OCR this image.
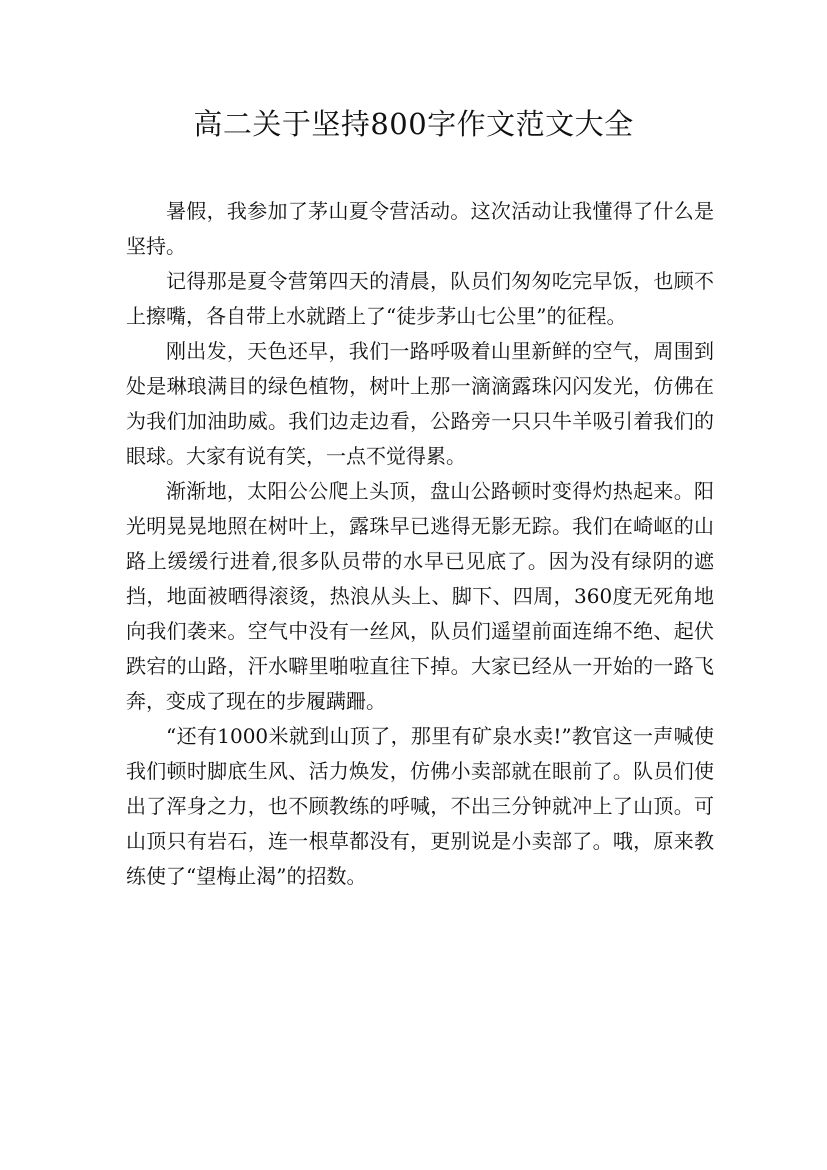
高二关于坚持800字作文范文大全

暑假，我参加了茅山夏令营活动。这次活动让我懂得了什么是坚持。

记得那是夏令营第四天的清晨，队员们匆匆吃完早饭，也顾不上擦嘴，各自带上水就踏上了“徒步茅山七公里”的征程。

刚出发，天色还早，我们一路呼吸着山里新鲜的空气，周围到处是琳琅满目的绿色植物，树叶上那一滴滴露珠闪闪发光，仿佛在为我们加油助威。我们边走边看，公路旁一只只牛羊吸引着我们的眼球。大家有说有笑，一点不觉得累。

渐渐地，太阳公公爬上头顶，盘山公路顿时变得灼热起来。阳光明晃晃地照在树叶上，露珠早已逃得无影无踪。我们在崎岖的山路上缓缓行进着,很多队员带的水早已见底了。因为没有绿阴的遮挡，地面被晒得滚烫，热浪从头上、脚下、四周，360度无死角地向我们袭来。空气中没有一丝风，队员们遥望前面连绵不绝、起伏跌宕的山路，汗水噼里啪啦直往下掉。大家已经从一开始的一路飞奔，变成了现在的步履蹒跚。

“还有1000米就到山顶了，那里有矿泉水卖!”教官这一声喊使我们顿时脚底生风、活力焕发，仿佛小卖部就在眼前了。队员们使出了浑身之力，也不顾教练的呼喊，不出三分钟就冲上了山顶。可山顶只有岩石，连一根草都没有，更别说是小卖部了。哦，原来教练使了“望梅止渴”的招数。
